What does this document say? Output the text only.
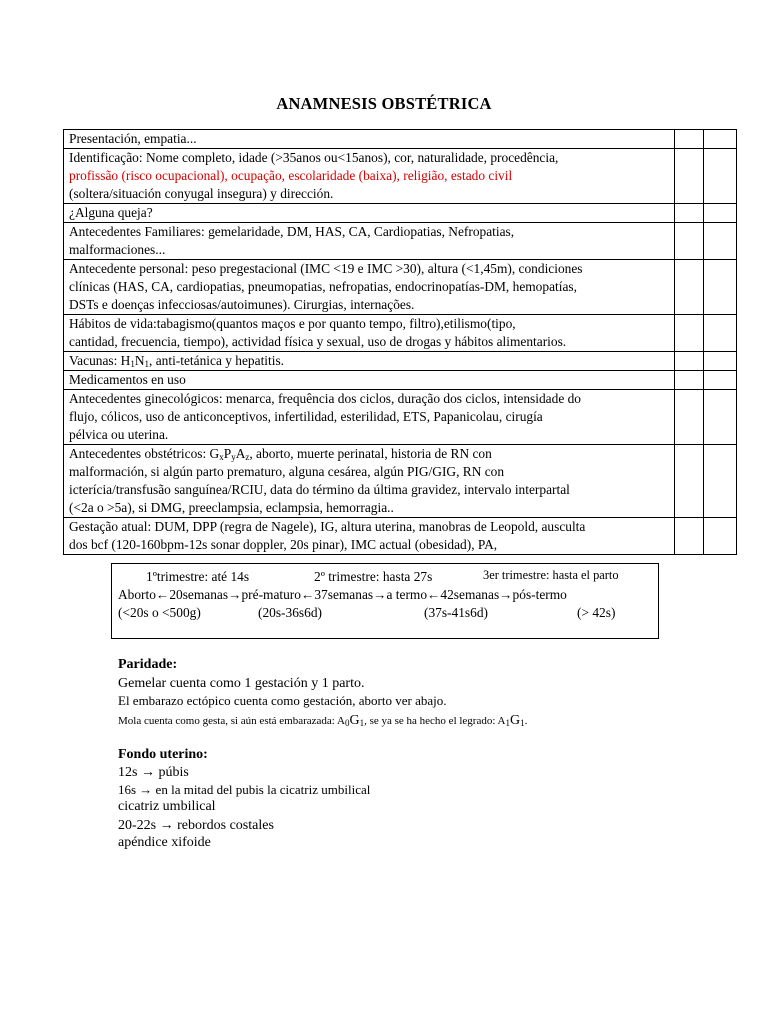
ANAMNESIS OBSTÉTRICA
Presentación, empatia...		

Identificação: Nome completo, idade (>35anos ou<15anos), cor, naturalidade, procedência,
profissão (risco ocupacional), ocupação, escolaridade (baixa), religião, estado civil
(soltera/situación conyugal insegura) y dirección.		

¿Alguna queja?		

Antecedentes Familiares: gemelaridade, DM, HAS, CA, Cardiopatias, Nefropatias,
malformaciones...		

Antecedente personal: peso pregestacional (IMC <19 e IMC >30), altura (<1,45m), condiciones
clínicas (HAS, CA, cardiopatias, pneumopatias, nefropatias, endocrinopatías-DM, hemopatías,
DSTs e doenças infecciosas/autoimunes). Cirurgias, internações.		

Hábitos de vida:tabagismo(quantos maços e por quanto tempo, filtro),etilismo(tipo,
cantidad, frecuencia, tiempo), actividad física y sexual, uso de drogas y hábitos alimentarios.		

Vacunas: $H_1N_1$, anti-tetánica y hepatitis.		

Medicamentos en uso		

Antecedentes ginecológicos: menarca, frequência dos ciclos, duração dos ciclos, intensidade do
flujo, cólicos, uso de anticonceptivos, infertilidad, esterilidad, ETS, Papanicolau, cirugía
pélvica ou uterina.		

Antecedentes obstétricos: $G_xP_yA_z$, aborto, muerte perinatal, historia de RN con
malformación, si algún parto prematuro, alguna cesárea, algún PIG/GIG, RN con
icterícia/transfusão sanguínea/RCIU, data do término da última gravidez, intervalo interpartal
(<2a o >5a), si DMG, preeclampsia, eclampsia, hemorragia..		

Gestação atual: DUM, DPP (regra de Nagele), IG, altura uterina, manobras de Leopold, ausculta
dos bcf (120-160bpm-12s sonar doppler, 20s pinar), IMC actual (obesidad), PA,		

1ºtrimestre: até 14s	2º trimestre: hasta 27s	3er trimestre: hasta el parto
Aborto←20semanas→pré-maturo←37semanas→a termo←42semanas→pós-termo
(<20s o <500g)	(20s-36s6d)	(37s-41s6d)	(> 42s)
Paridade:
Gemelar cuenta como 1 gestación y 1 parto.
El embarazo ectópico cuenta como gestación, aborto ver abajo.
Mola cuenta como gesta, si aún está embarazada: $A_0G_1$, se ya se ha hecho el legrado: $A_1G_1$.
Fondo uterino:
12s → púbis
16s → en la mitad del pubis la cicatriz umbilical
cicatriz umbilical
20-22s → rebordos costales
apéndice xifoide
